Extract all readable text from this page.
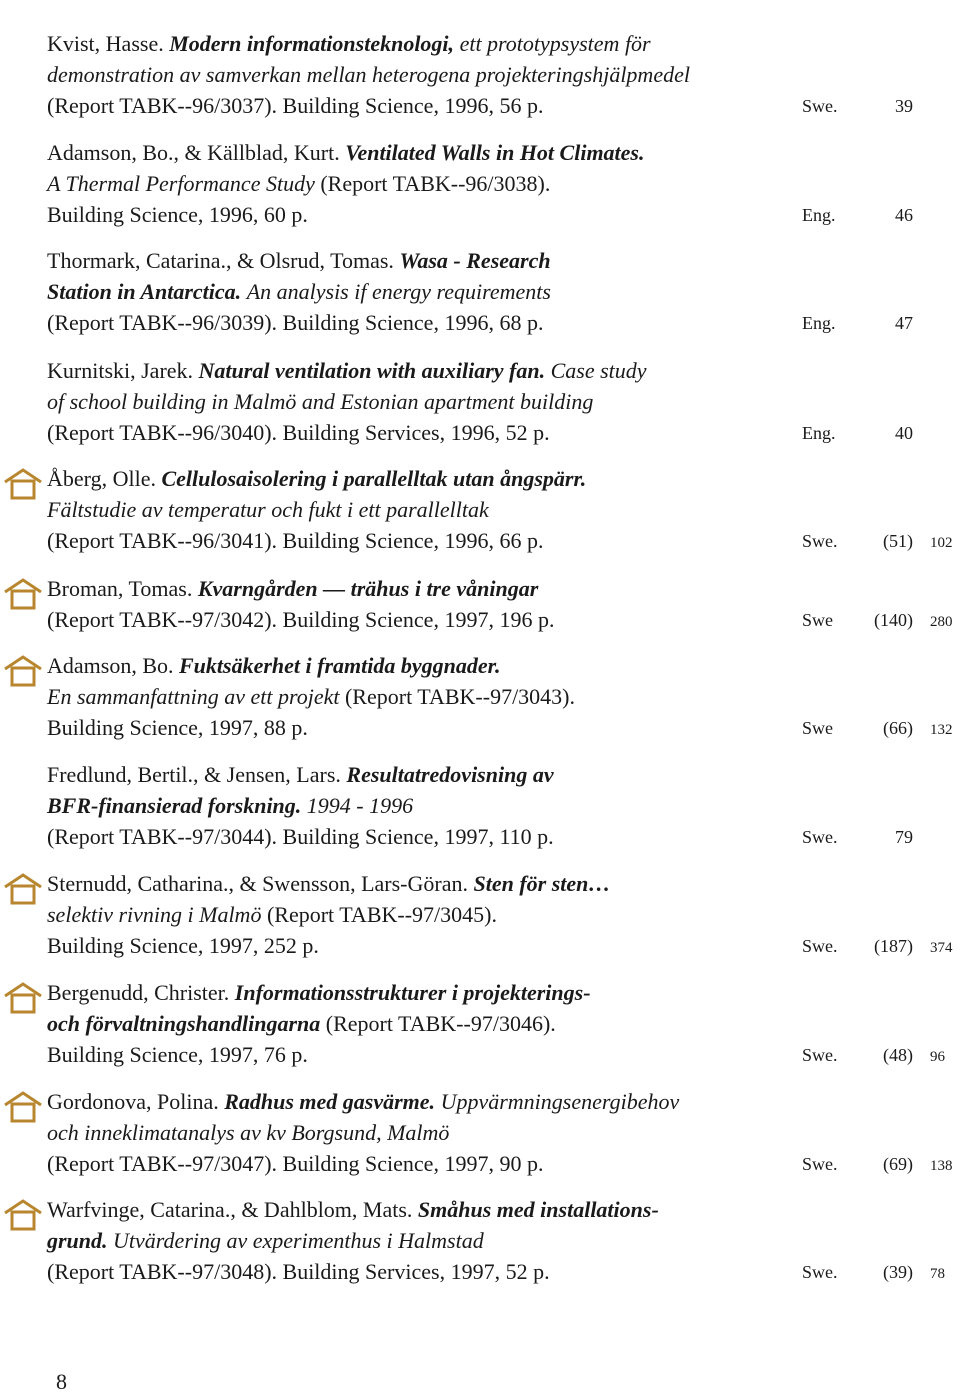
Kvist, Hasse. Modern informationsteknologi, ett prototypsystem för
demonstration av samverkan mellan heterogena projekteringshjälpmedel
(Report TABK--96/3037). Building Science, 1996, 56 p.	Swe.	39
Adamson, Bo., & Källblad, Kurt. Ventilated Walls in Hot Climates.
A Thermal Performance Study (Report TABK--96/3038).
Building Science, 1996, 60 p.	Eng.	46
Thormark, Catarina., & Olsrud, Tomas. Wasa - Research
Station in Antarctica. An analysis if energy requirements
(Report TABK--96/3039). Building Science, 1996, 68 p.	Eng.	47
Kurnitski, Jarek. Natural ventilation with auxiliary fan. Case study
of school building in Malmö and Estonian apartment building
(Report TABK--96/3040). Building Services, 1996, 52 p.	Eng.	40
Åberg, Olle. Cellulosaisolering i parallelltak utan ångspärr.
Fältstudie av temperatur och fukt i ett parallelltak
(Report TABK--96/3041). Building Science, 1996, 66 p.	Swe.	(51) 102
Broman, Tomas. Kvarngården — trähus i tre våningar
(Report TABK--97/3042). Building Science, 1997, 196 p.	Swe	(140) 280
Adamson, Bo. Fuktsäkerhet i framtida byggnader.
En sammanfattning av ett projekt (Report TABK--97/3043).
Building Science, 1997, 88 p.	Swe	(66) 132
Fredlund, Bertil., & Jensen, Lars. Resultatredovisning av
BFR-finansierad forskning. 1994 - 1996
(Report TABK--97/3044). Building Science, 1997, 110 p.	Swe.	79
Sternudd, Catharina., & Swensson, Lars-Göran. Sten för sten…
selektiv rivning i Malmö (Report TABK--97/3045).
Building Science, 1997, 252 p.	Swe.	(187) 374
Bergenudd, Christer. Informationsstrukturer i projekterings-
och förvaltningshandlingarna (Report TABK--97/3046).
Building Science, 1997, 76 p.	Swe.	(48) 96
Gordonova, Polina. Radhus med gasvärme. Uppvärmningsenergibehov
och inneklimatanalys av kv Borgsund, Malmö
(Report TABK--97/3047). Building Science, 1997, 90 p.	Swe.	(69) 138
Warfvinge, Catarina., & Dahlblom, Mats. Småhus med installations-
grund. Utvärdering av experimenthus i Halmstad
(Report TABK--97/3048). Building Services, 1997, 52 p.	Swe.	(39) 78
8
